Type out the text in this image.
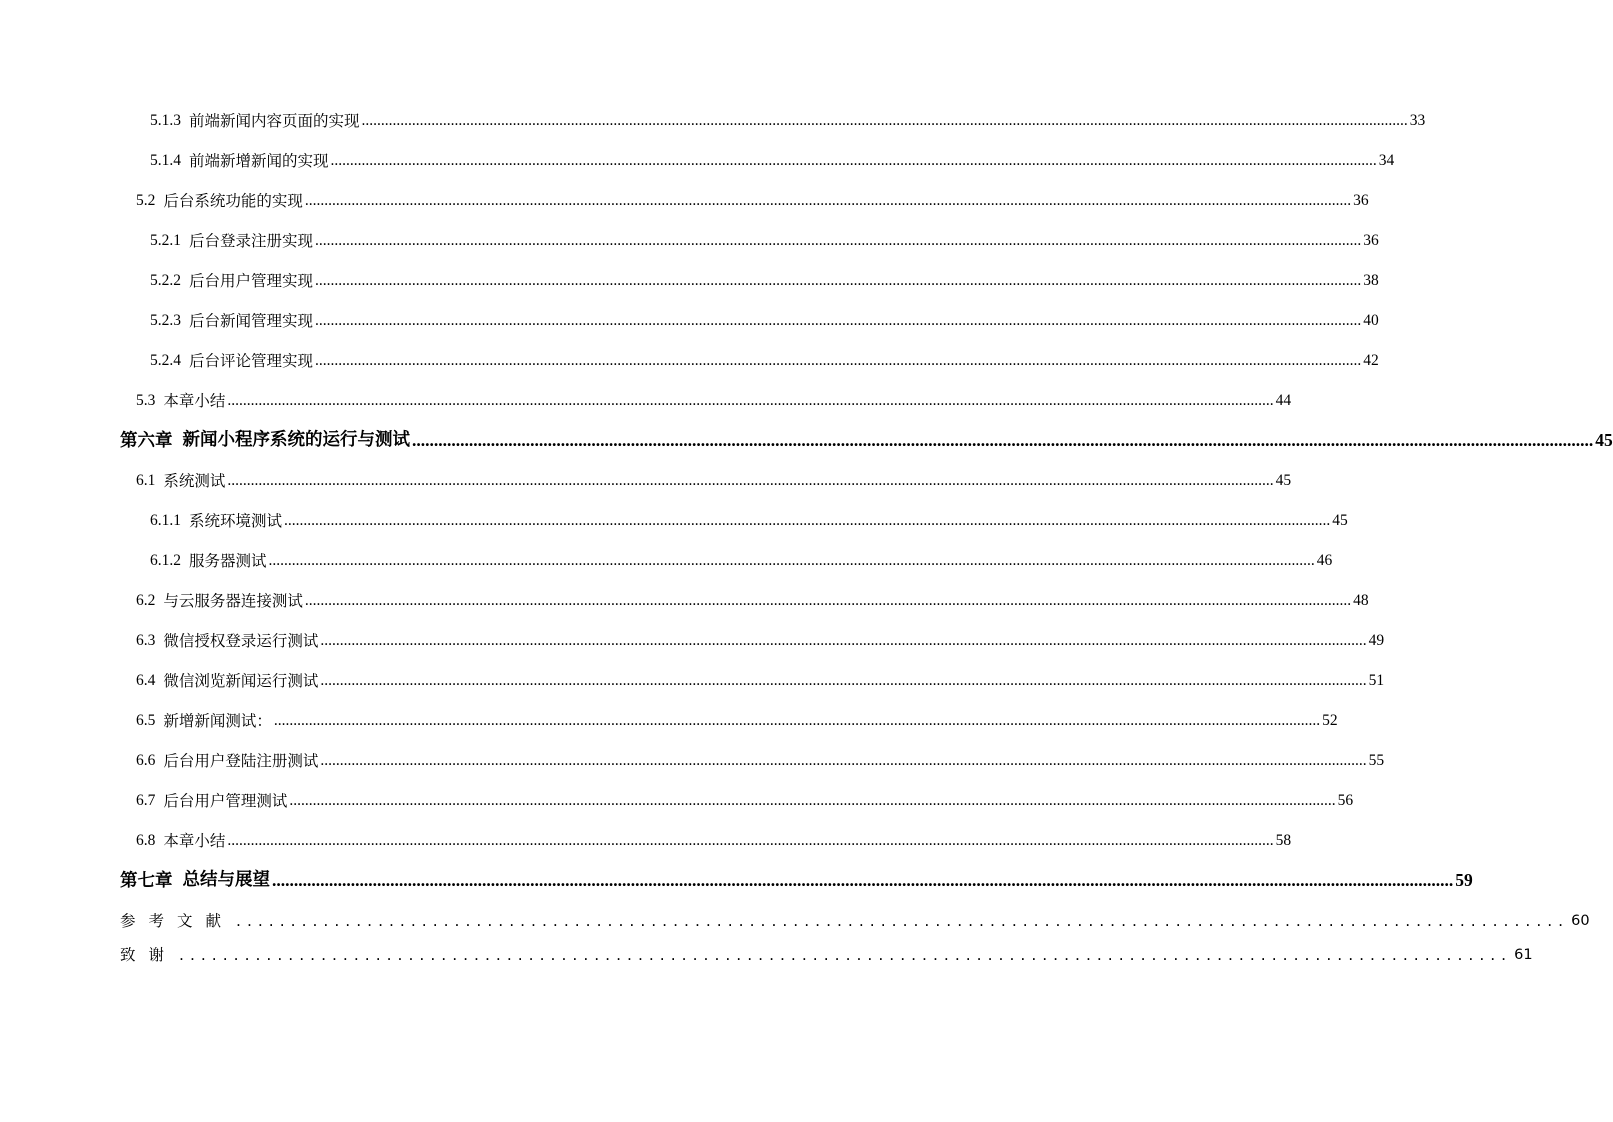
5.1.3 前端新闻内容页面的实现 .............................................................................................................................................................................................................................................................................. 33
5.1.4 前端新增新闻的实现 .............................................................................................................................................................................................................................................................................. 34
5.2 后台系统功能的实现 .............................................................................................................................................................................................................................................................................. 36
5.2.1 后台登录注册实现 .............................................................................................................................................................................................................................................................................. 36
5.2.2 后台用户管理实现 .............................................................................................................................................................................................................................................................................. 38
5.2.3 后台新闻管理实现 .............................................................................................................................................................................................................................................................................. 40
5.2.4 后台评论管理实现 .............................................................................................................................................................................................................................................................................. 42
5.3 本章小结 .............................................................................................................................................................................................................................................................................. 44
第六章 新闻小程序系统的运行与测试 .............................................................................................................................................................................................................................................................................. 45
6.1 系统测试 .............................................................................................................................................................................................................................................................................. 45
6.1.1 系统环境测试 .............................................................................................................................................................................................................................................................................. 45
6.1.2 服务器测试 .............................................................................................................................................................................................................................................................................. 46
6.2 与云服务器连接测试 .............................................................................................................................................................................................................................................................................. 48
6.3 微信授权登录运行测试 .............................................................................................................................................................................................................................................................................. 49
6.4 微信浏览新闻运行测试 .............................................................................................................................................................................................................................................................................. 51
6.5 新增新闻测试： .............................................................................................................................................................................................................................................................................. 52
6.6 后台用户登陆注册测试 .............................................................................................................................................................................................................................................................................. 55
6.7 后台用户管理测试 .............................................................................................................................................................................................................................................................................. 56
6.8 本章小结 .............................................................................................................................................................................................................................................................................. 58
第七章 总结与展望 .............................................................................................................................................................................................................................................................................. 59
参考文献 .......................................................................................................................... 60
致谢 .......................................................................................................................... 61
